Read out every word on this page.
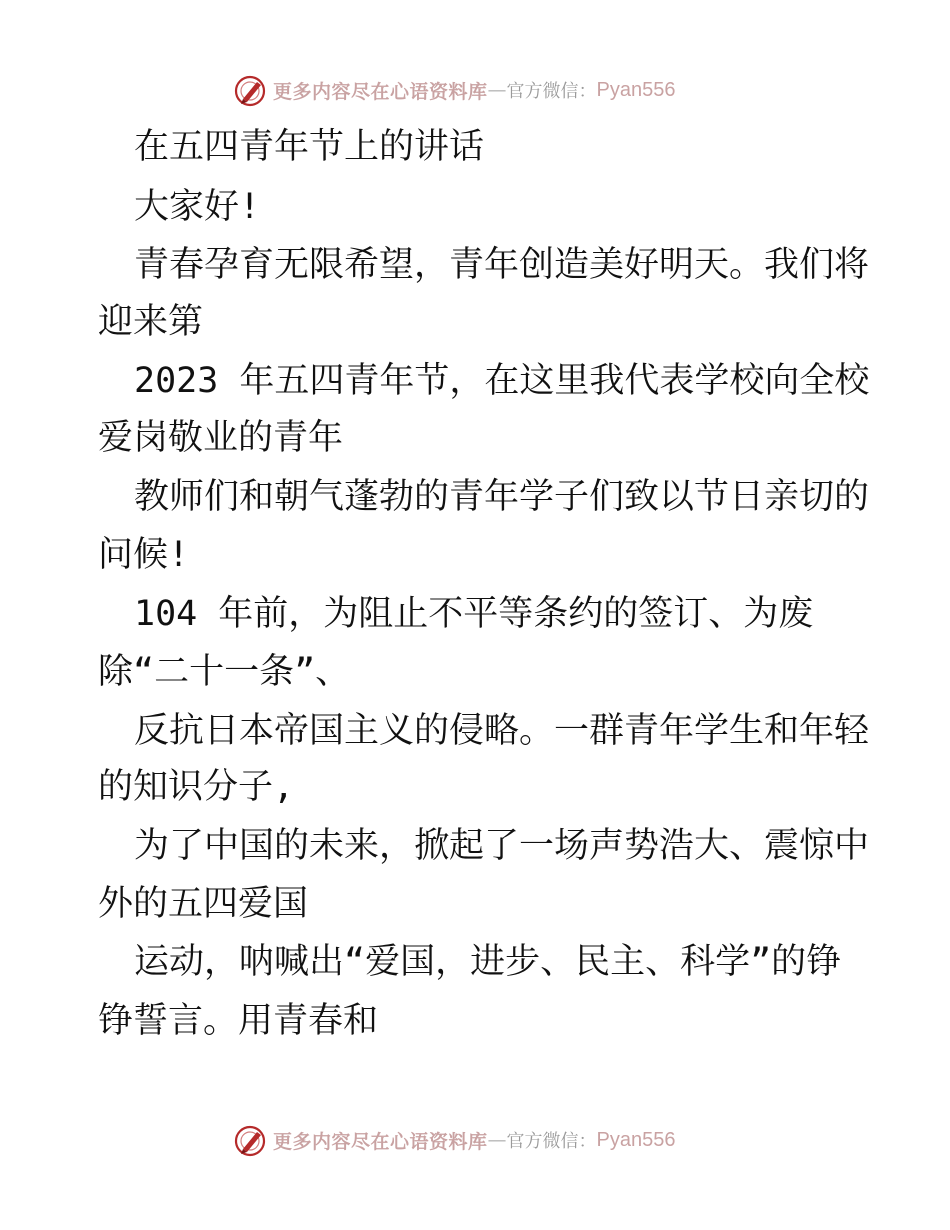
更多内容尽在心语资料库 — 官方微信： Pyan556
在五四青年节上的讲话
大家好!
青春孕育无限希望，青年创造美好明天。我们将
迎来第
2023 年五四青年节，在这里我代表学校向全校
爱岗敬业的青年
教师们和朝气蓬勃的青年学子们致以节日亲切的
问候!
104 年前，为阻止不平等条约的签订、为废
除“二十一条”、
反抗日本帝国主义的侵略。一群青年学生和年轻
的知识分子,
为了中国的未来，掀起了一场声势浩大、震惊中
外的五四爱国
运动，呐喊出“爱国，进步、民主、科学”的铮
铮誓言。用青春和
更多内容尽在心语资料库 — 官方微信： Pyan556
